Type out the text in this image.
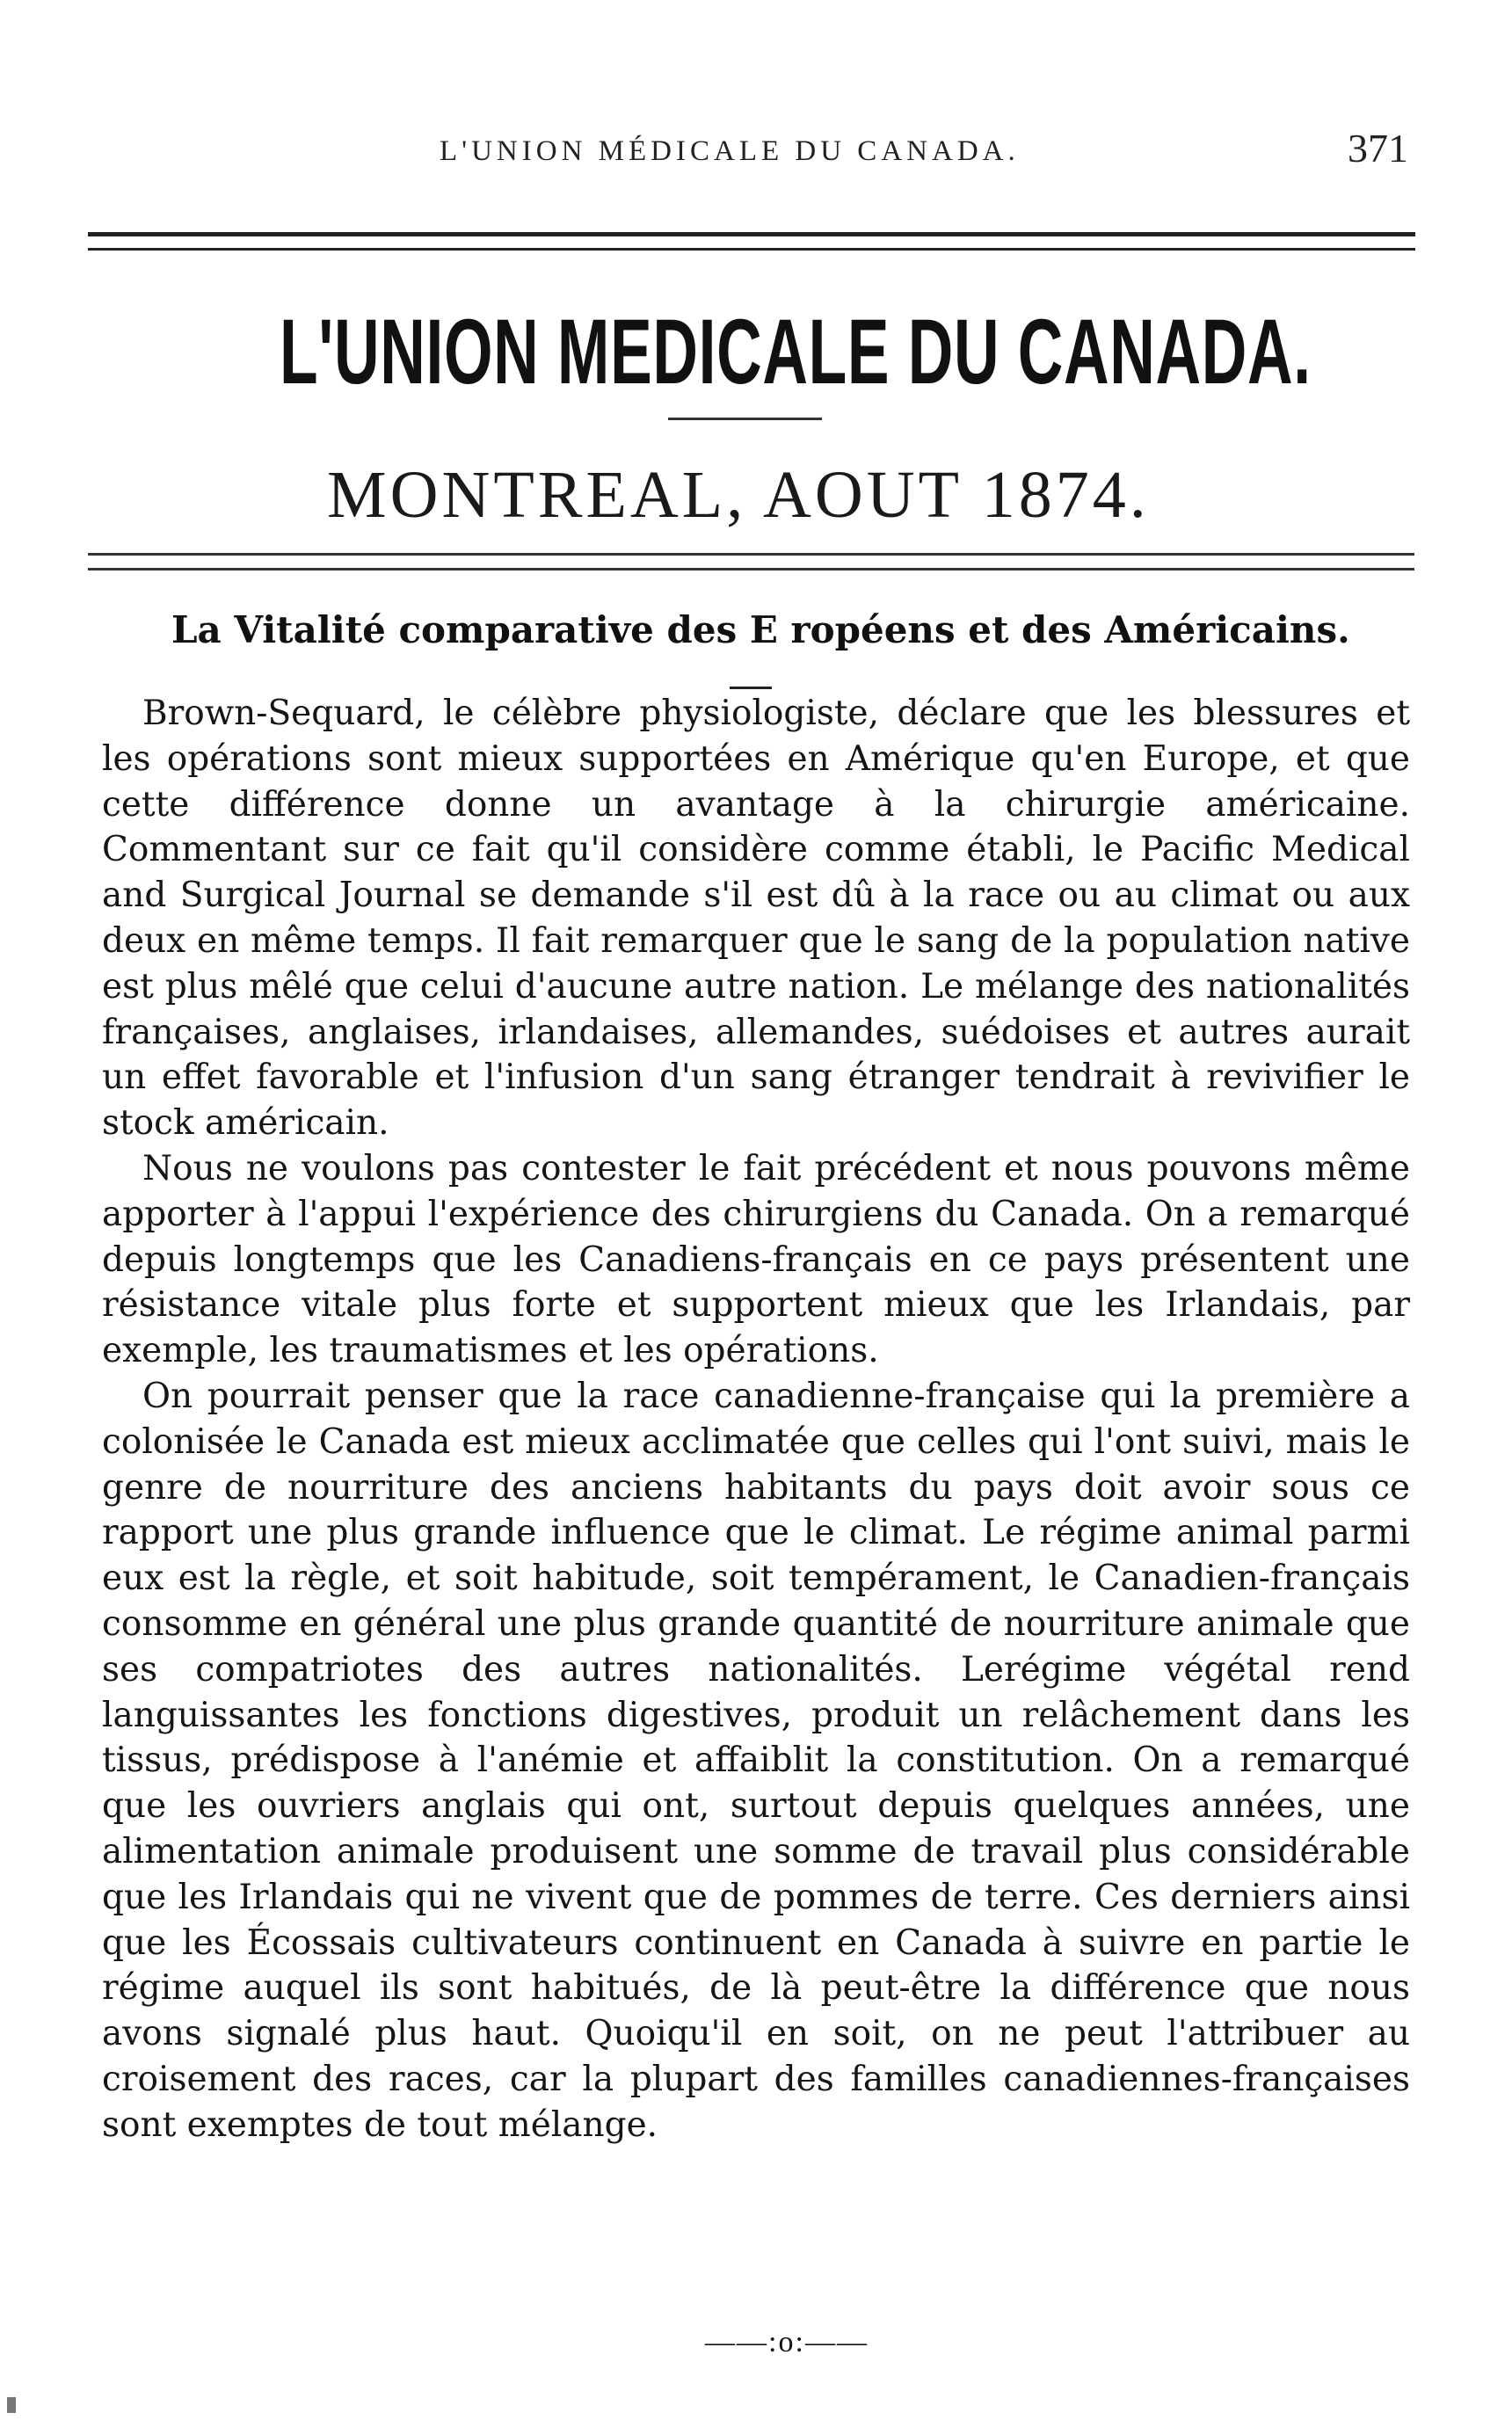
L'UNION MÉDICALE DU CANADA.	371
L'UNION MEDICALE DU CANADA.
MONTREAL, AOUT 1874.
La Vitalité comparative des E ropéens et des Américains.

Brown-Sequard, le célèbre physiologiste, déclare que les blessures et les opérations sont mieux supportées en Amérique qu'en Europe, et que cette différence donne un avantage à la chirurgie américaine. Commentant sur ce fait qu'il considère comme établi, le Pacific Medical and Surgical Journal se demande s'il est dû à la race ou au climat ou aux deux en même temps. Il fait remarquer que le sang de la population native est plus mêlé que celui d'aucune autre nation. Le mélange des nationalités françaises, anglaises, irlandaises, allemandes, suédoises et autres aurait un effet favorable et l'infusion d'un sang étranger tendrait à revivifier le stock américain.

Nous ne voulons pas contester le fait précédent et nous pouvons même apporter à l'appui l'expérience des chirurgiens du Canada. On a remarqué depuis longtemps que les Canadiens-français en ce pays présentent une résistance vitale plus forte et supportent mieux que les Irlandais, par exemple, les traumatismes et les opérations.

On pourrait penser que la race canadienne-française qui la première a colonisée le Canada est mieux acclimatée que celles qui l'ont suivi, mais le genre de nourriture des anciens habitants du pays doit avoir sous ce rapport une plus grande influence que le climat. Le régime animal parmi eux est la règle, et soit habitude, soit tempérament, le Canadien-français consomme en général une plus grande quantité de nourriture animale que ses compatriotes des autres nationalités. Lerégime végétal rend languissantes les fonctions digestives, produit un relâchement dans les tissus, prédispose à l'anémie et affaiblit la constitution. On a remarqué que les ouvriers anglais qui ont, surtout depuis quelques années, une alimentation animale produisent une somme de travail plus considérable que les Irlandais qui ne vivent que de pommes de terre. Ces derniers ainsi que les Écossais cultivateurs continuent en Canada à suivre en partie le régime auquel ils sont habitués, de là peut-être la différence que nous avons signalé plus haut. Quoiqu'il en soit, on ne peut l'attribuer au croisement des races, car la plupart des familles canadiennes-françaises sont exemptes de tout mélange.

——:o:——
